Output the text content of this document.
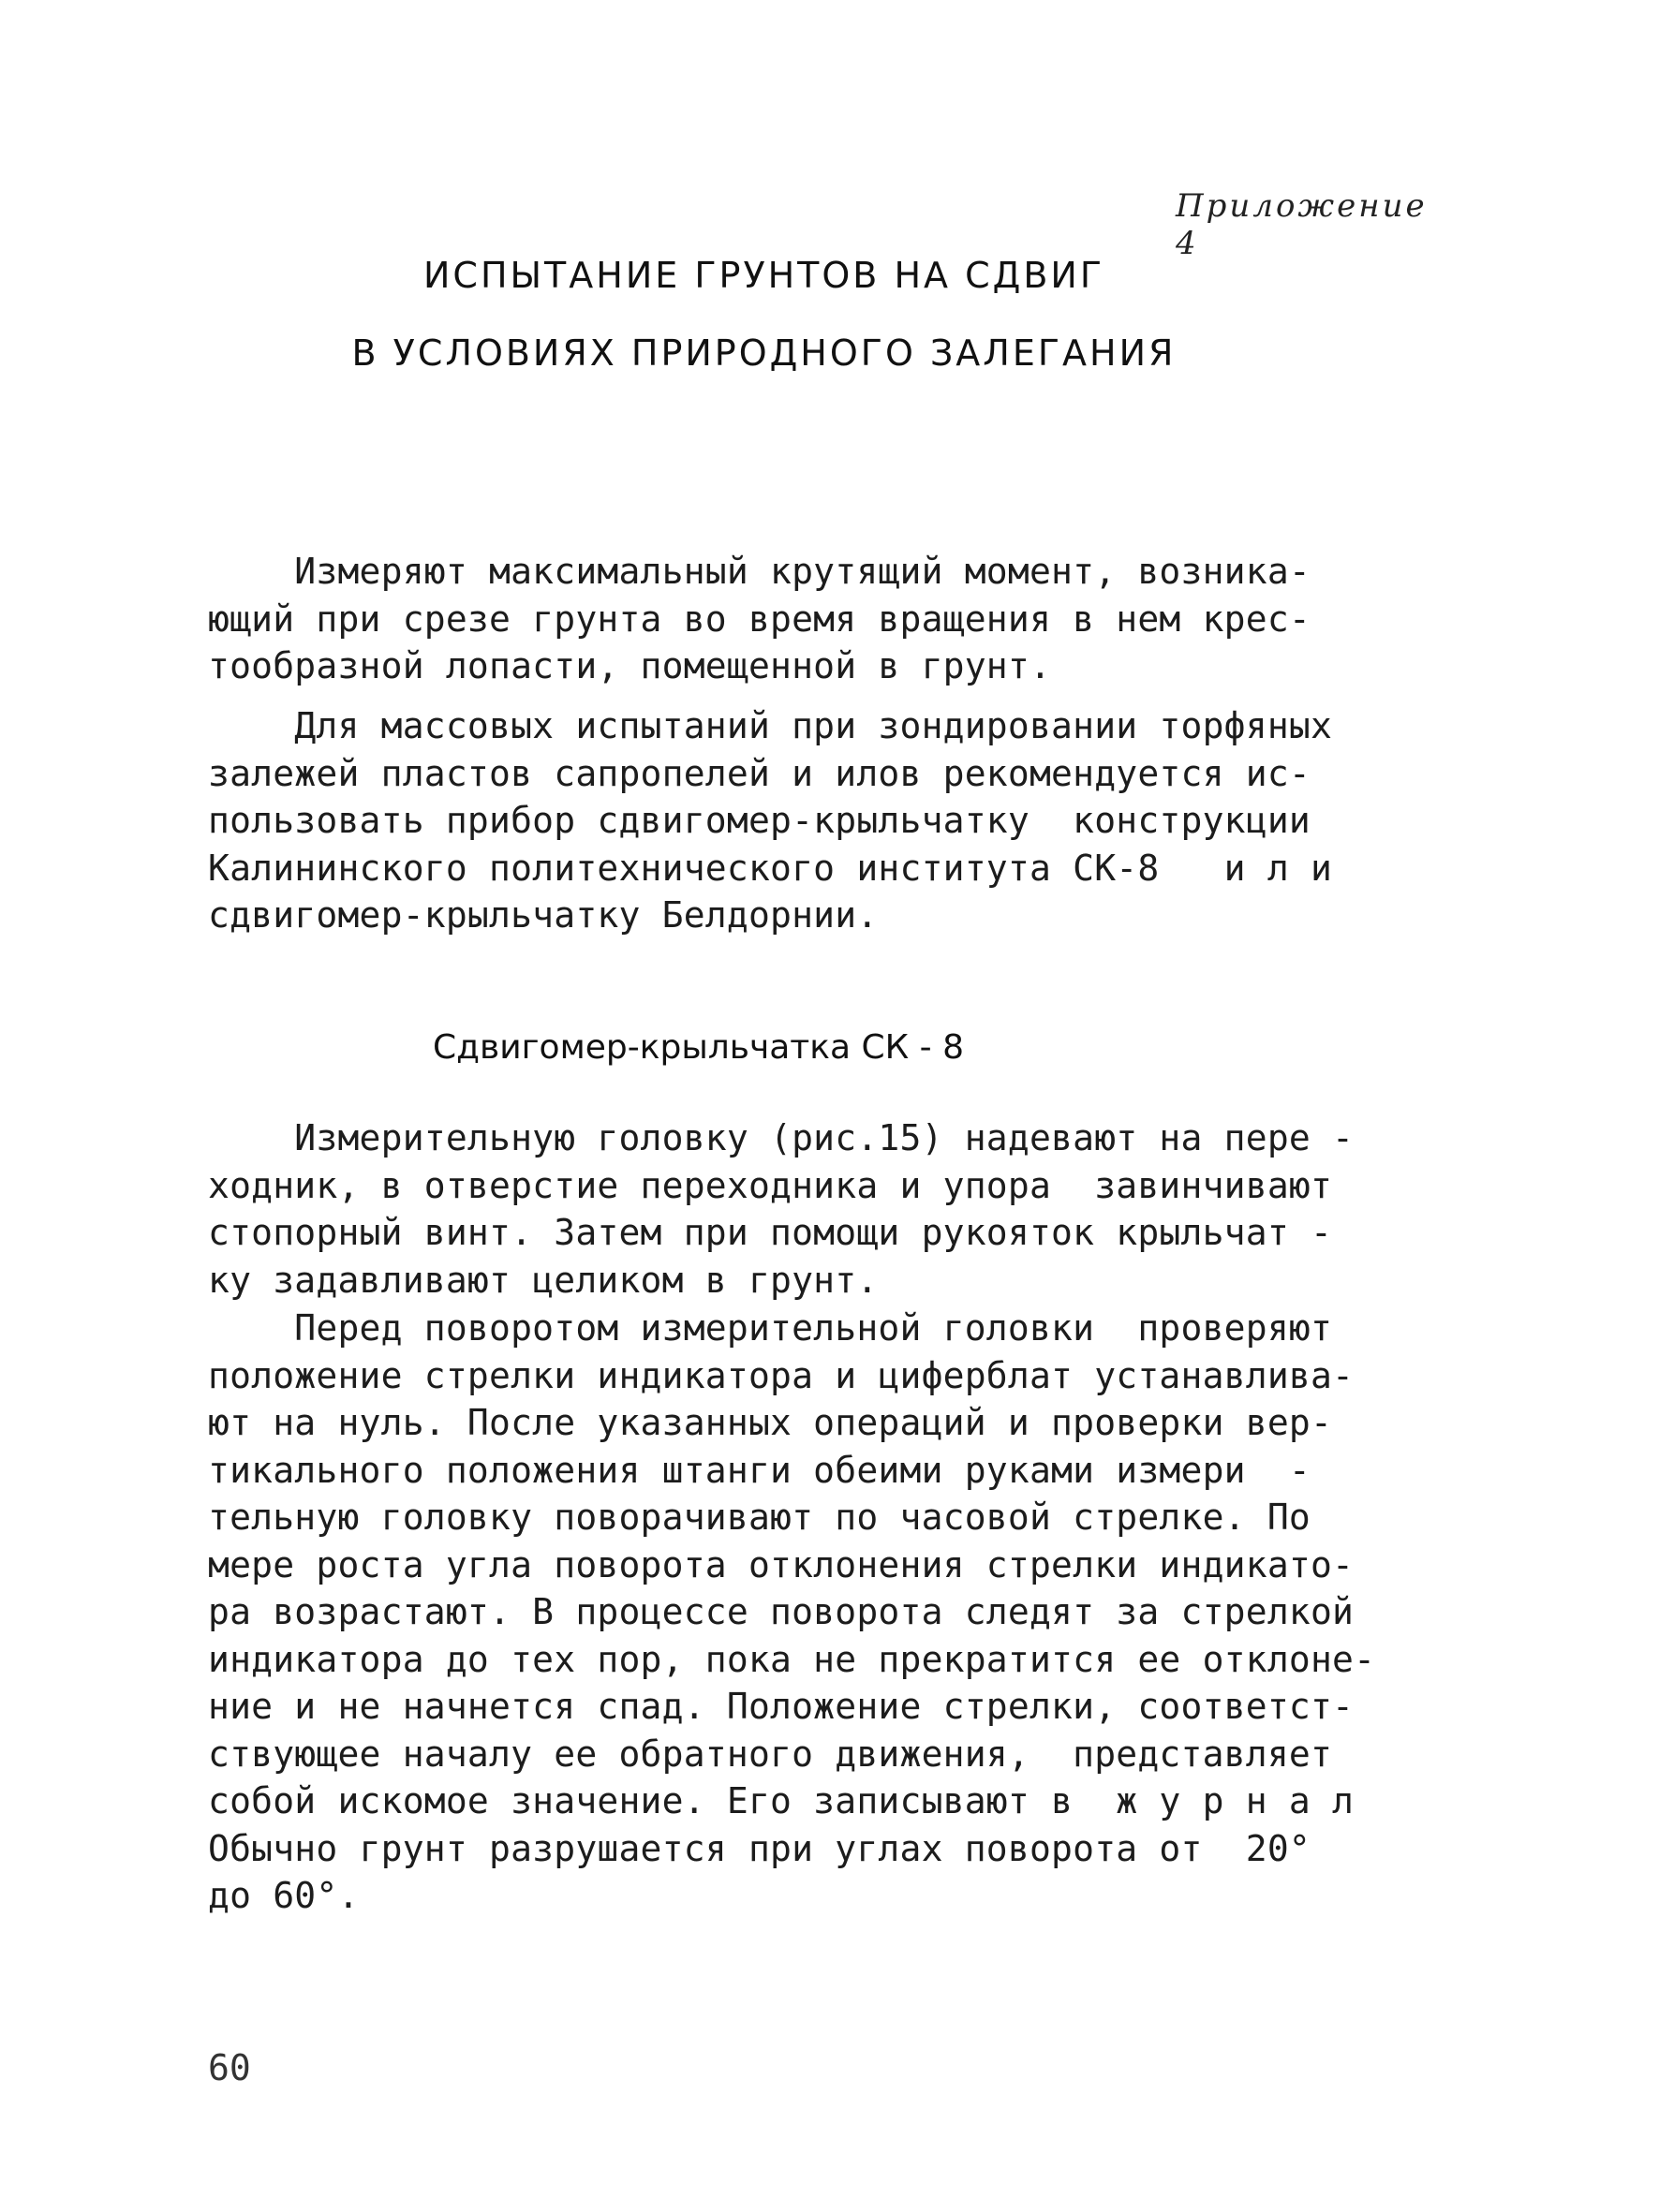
Приложение 4
ИСПЫТАНИЕ ГРУНТОВ НА СДВИГ
В УСЛОВИЯХ ПРИРОДНОГО ЗАЛЕГАНИЯ
Измеряют максимальный крутящий момент, возника-
ющий при срезе грунта во время вращения в нем крес-
тообразной лопасти, помещенной в грунт.
Для массовых испытаний при зондировании торфяных
залежей пластов сапропелей и илов рекомендуется ис-
пользовать прибор сдвигомер-крыльчатку  конструкции
Калининского политехнического института СК-8   и л и
сдвигомер-крыльчатку Белдорнии.
Сдвигомер-крыльчатка СК - 8
Измерительную головку (рис.15) надевают на пере -
ходник, в отверстие переходника и упора  завинчивают
стопорный винт. Затем при помощи рукояток крыльчат -
ку задавливают целиком в грунт.
Перед поворотом измерительной головки  проверяют
положение стрелки индикатора и циферблат устанавлива-
ют на нуль. После указанных операций и проверки вер-
тикального положения штанги обеими руками измери  -
тельную головку поворачивают по часовой стрелке. По
мере роста угла поворота отклонения стрелки индикато-
ра возрастают. В процессе поворота следят за стрелкой
индикатора до тех пор, пока не прекратится ее отклоне-
ние и не начнется спад. Положение стрелки, соответст-
ствующее началу ее обратного движения,  представляет
собой искомое значение. Его записывают в  ж у р н а л
Обычно грунт разрушается при углах поворота от  20°
до 60°.
60
